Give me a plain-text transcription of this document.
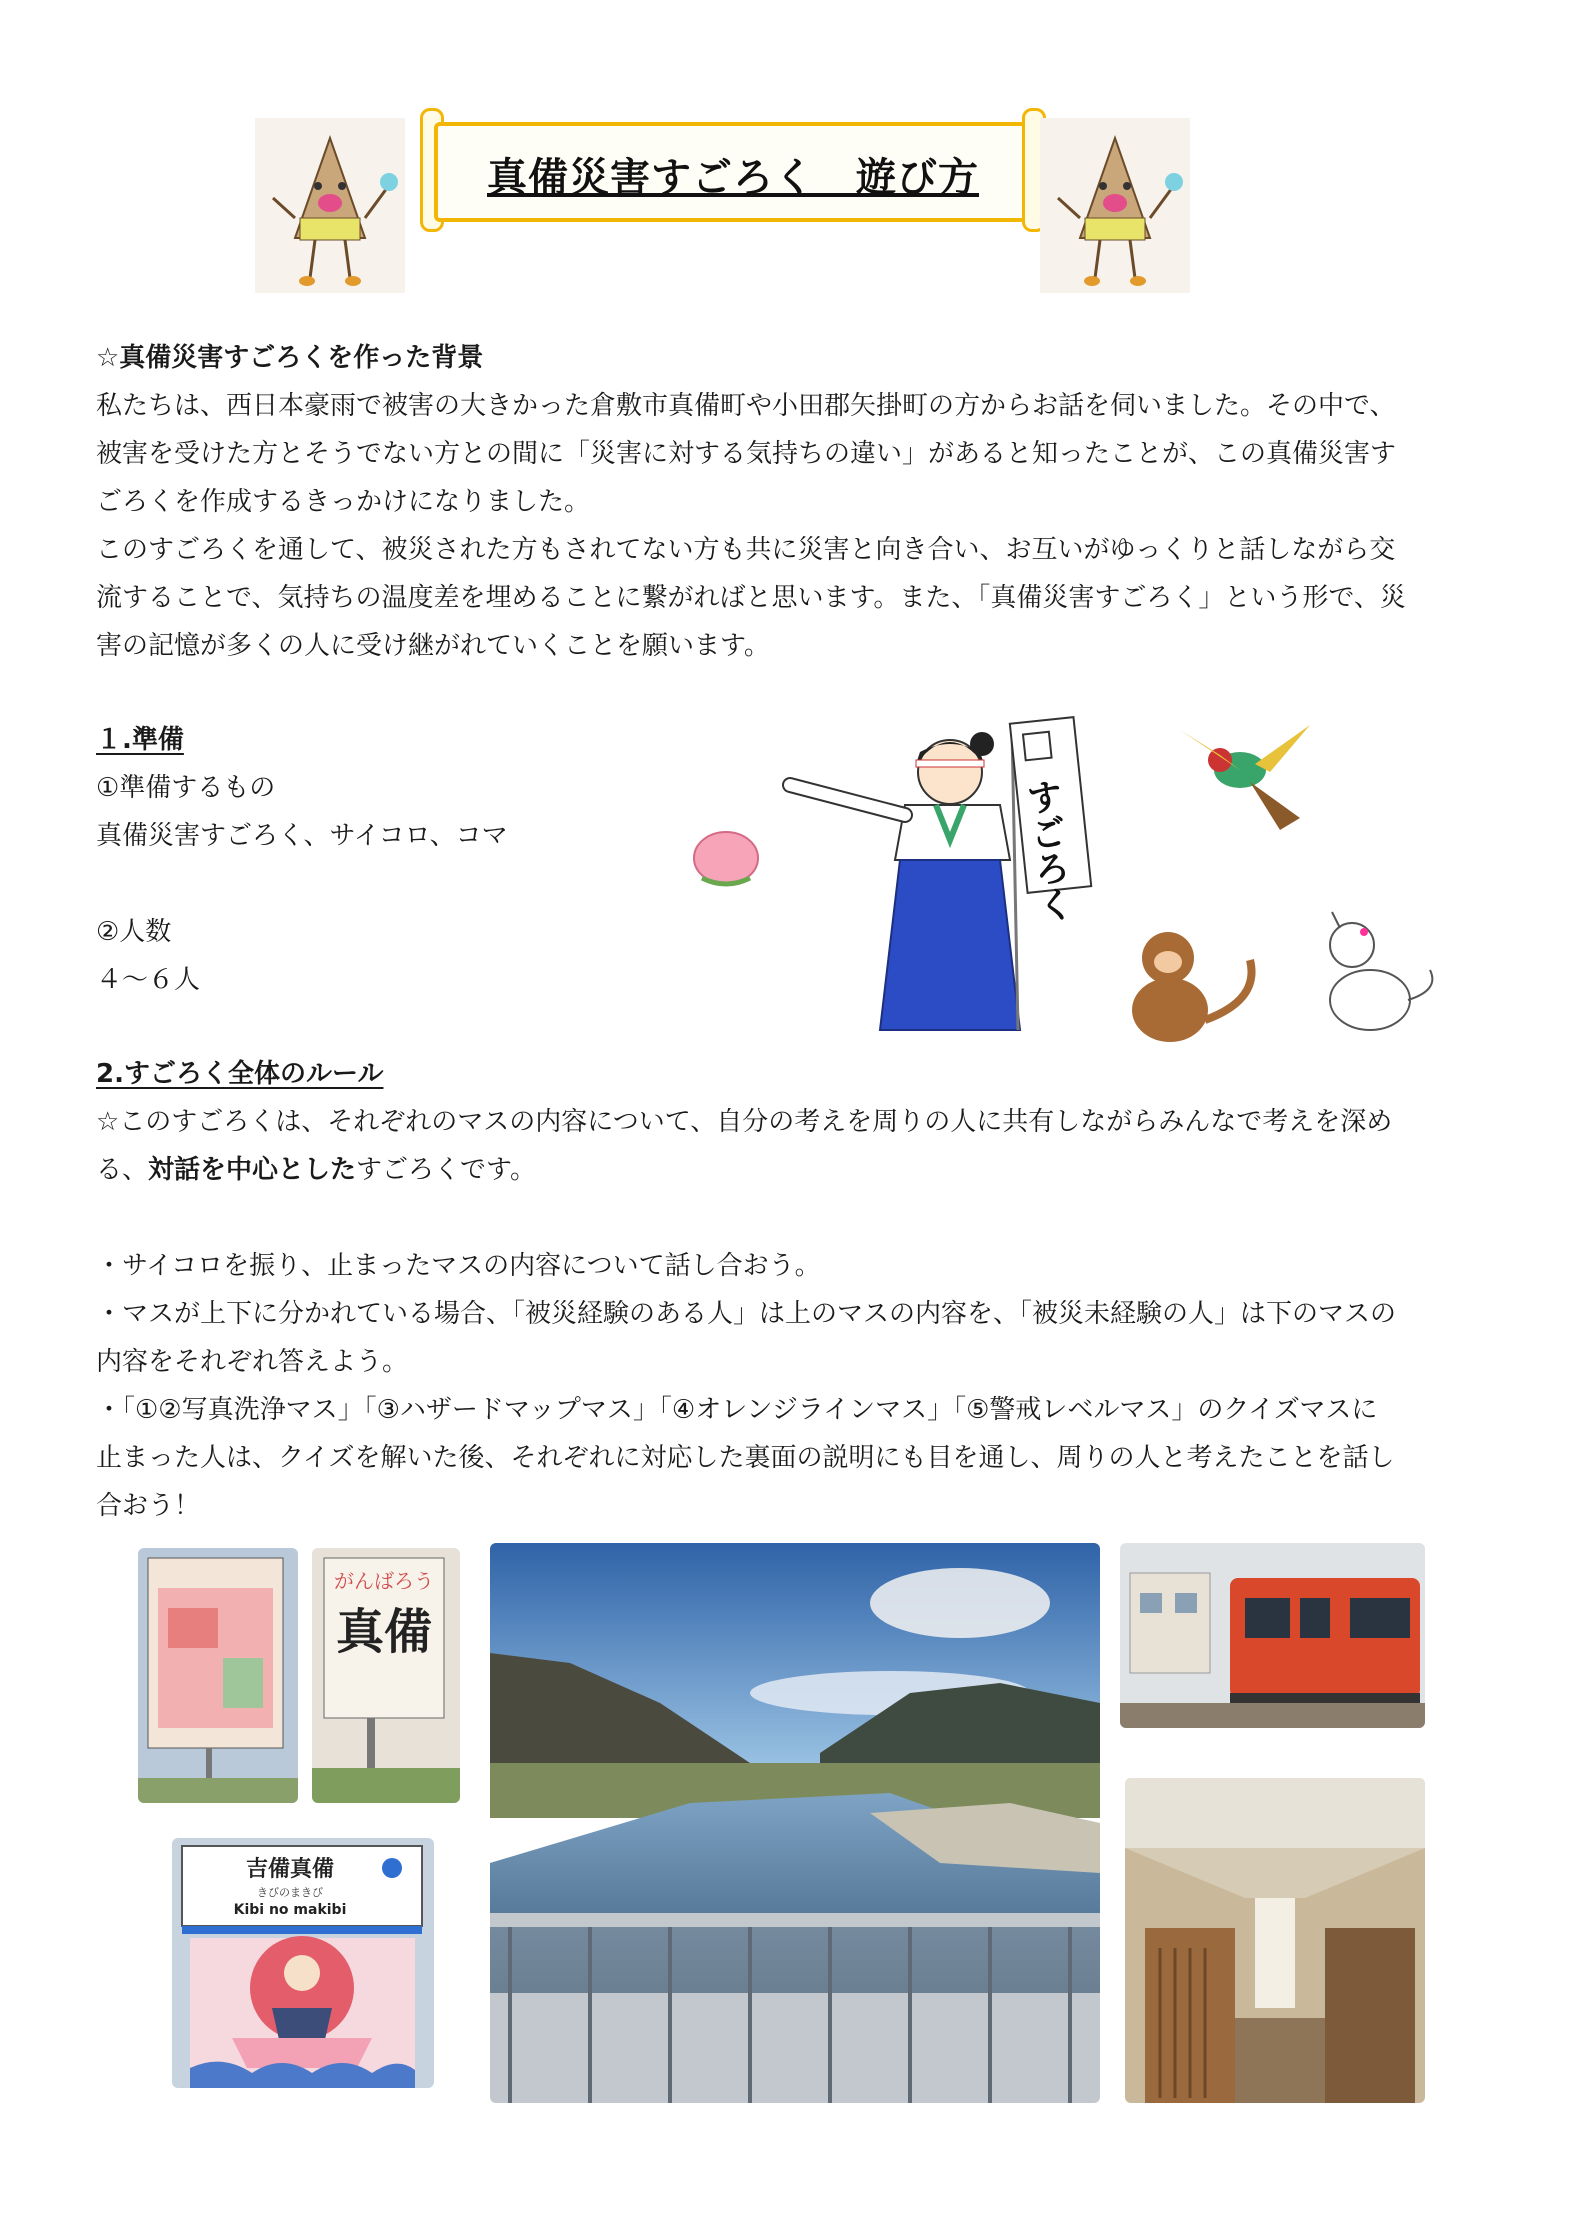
真備災害すごろく　遊び方
☆真備災害すごろくを作った背景
私たちは、西日本豪雨で被害の大きかった倉敷市真備町や小田郡矢掛町の方からお話を伺いました。その中で、
被害を受けた方とそうでない方との間に「災害に対する気持ちの違い」があると知ったことが、この真備災害す
ごろくを作成するきっかけになりました。
このすごろくを通して、被災された方もされてない方も共に災害と向き合い、お互いがゆっくりと話しながら交
流することで、気持ちの温度差を埋めることに繋がればと思います。また、「真備災害すごろく」という形で、災
害の記憶が多くの人に受け継がれていくことを願います。
１.準備
①準備するもの
真備災害すごろく、サイコロ、コマ
②人数
４～６人
すごろく
2.すごろく全体のルール
☆このすごろくは、それぞれのマスの内容について、自分の考えを周りの人に共有しながらみんなで考えを深め
る、対話を中心としたすごろくです。
・サイコロを振り、止まったマスの内容について話し合おう。
・マスが上下に分かれている場合、「被災経験のある人」は上のマスの内容を、「被災未経験の人」は下のマスの
内容をそれぞれ答えよう。
・「①②写真洗浄マス」「③ハザードマップマス」「④オレンジラインマス」「⑤警戒レベルマス」のクイズマスに
止まった人は、クイズを解いた後、それぞれに対応した裏面の説明にも目を通し、周りの人と考えたことを話し
合おう！
がんばろう
真備
吉備真備
きびのまきび
Kibi no makibi
